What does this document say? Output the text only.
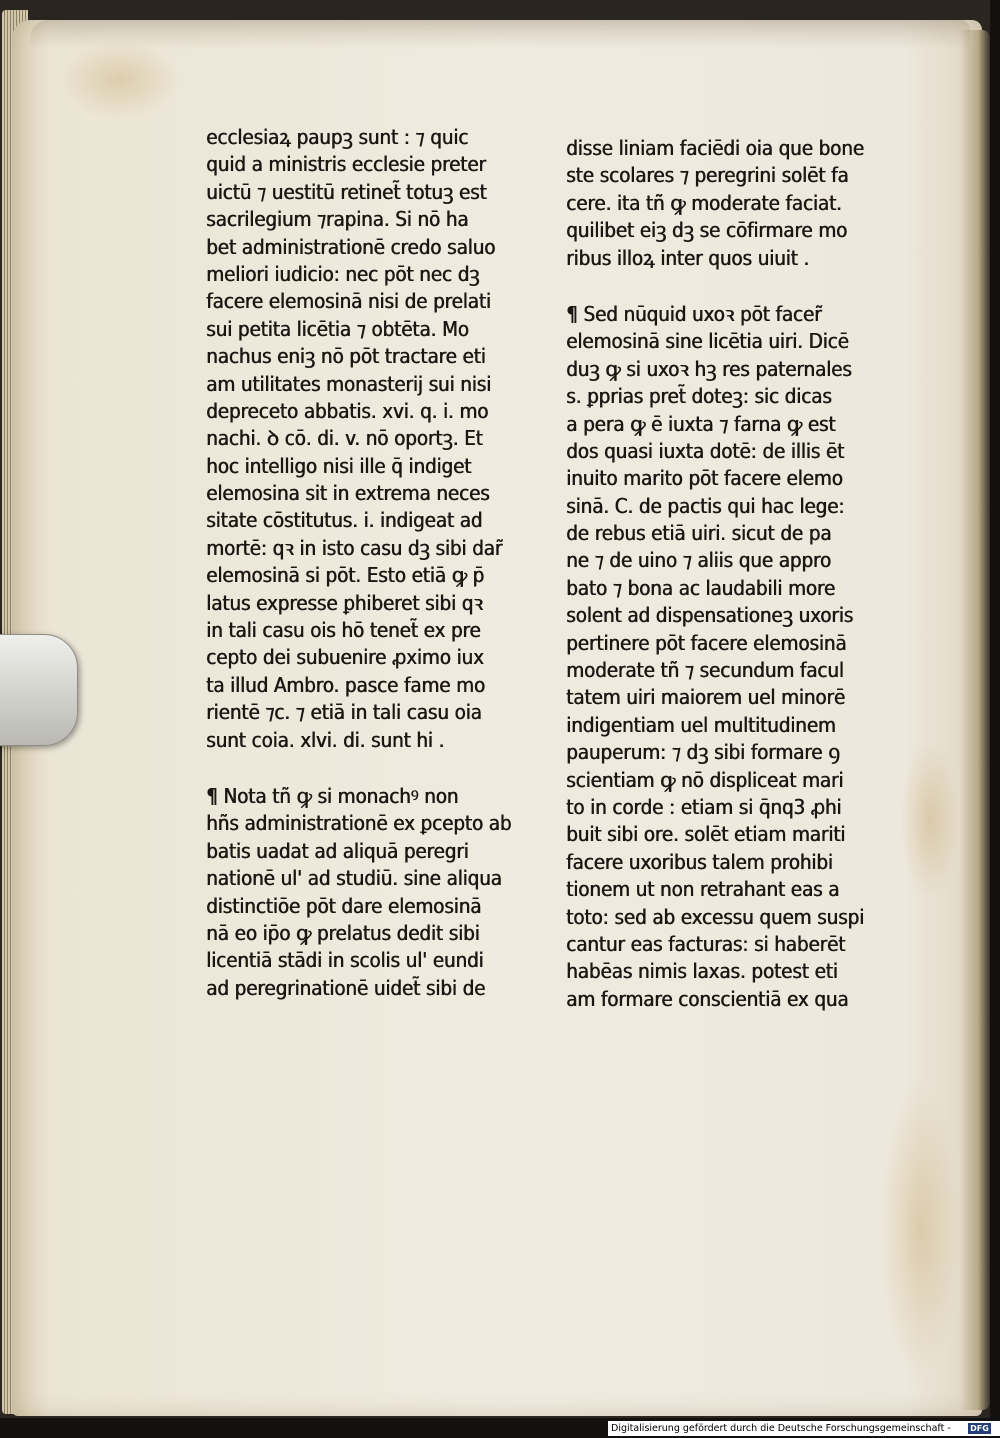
ecclesiaꝝ paupꝫ sunt : ⁊ quic
quid a ministris ecclesie preter
uictū ⁊ uestitū retinet̃ totuꝫ est
sacrilegium ⁊rapina. Si nō ha
bet administrationē credo saluo
meliori iudicio: nec pōt nec dꝫ
facere elemosinā nisi de prelati
sui petita licētia ⁊ obtēta. Mo
nachus eniꝫ nō pōt tractare eti
am utilitates monasterij sui nisi
depreceto abbatis. xvi. q. i. mo
nachi. ꝺ cō. di. v. nō oportꝫ. Et
hoc intelligo nisi ille q̄ indiget
elemosina sit in extrema neces
sitate cōstitutus. i. indigeat ad
mortē: qꝛ in isto casu dꝫ sibi dar̃
elemosinā si pōt. Esto etiā ꝙ p̄
latus expresse ꝑhiberet sibi qꝛ
in tali casu ois hō tenet̃ ex pre
cepto dei subuenire ꝓximo iux
ta illud Ambro. pasce fame mo
rientē ⁊c. ⁊ etiā in tali casu oia
sunt coia. xlvi. di. sunt hi .
¶ Nota tñ ꝙ si monachꝰ non
hñs administrationē ex ꝑcepto ab
batis uadat ad aliquā peregri
nationē ul' ad studiū. sine aliqua
distinctiōe pōt dare elemosinā
nā eo ip̄o ꝙ prelatus dedit sibi
licentiā stādi in scolis ul' eundi
ad peregrinationē uidet̃ sibi de
disse liniam faciēdi oia que bone
ste scolares ⁊ peregrini solēt fa
cere. ita tñ ꝙ moderate faciat.
quilibet eiꝫ dꝫ se cōfirmare mo
ribus illoꝝ inter quos uiuit .
¶ Sed nūquid uxoꝛ pōt facer̃
elemosinā sine licētia uiri. Dicē
duꝫ ꝙ si uxoꝛ hꝫ res paternales
s. ꝑprias pret̃ doteꝫ: sic dicas
a pera ꝙ ē iuxta ⁊ farna ꝙ est
dos quasi iuxta dotē: de illis ēt
inuito marito pōt facere elemo
sinā. C. de pactis qui hac lege:
de rebus etiā uiri. sicut de pa
ne ⁊ de uino ⁊ aliis que appro
bato ⁊ bona ac laudabili more
solent ad dispensationeꝫ uxoris
pertinere pōt facere elemosinā
moderate tñ ⁊ secundum facul
tatem uiri maiorem uel minorē
indigentiam uel multitudinem
pauperum: ⁊ dꝫ sibi formare ꝯ
scientiam ꝙ nō displiceat mari
to in corde : etiam si q̄nq3 ꝓhi
buit sibi ore. solēt etiam mariti
facere uxoribus talem prohibi
tionem ut non retrahant eas a
toto: sed ab excessu quem suspi
cantur eas facturas: si haberēt
habēas nimis laxas. potest eti
am formare conscientiā ex qua
Digitalisierung gefördert durch die Deutsche Forschungsgemeinschaft - DFG
